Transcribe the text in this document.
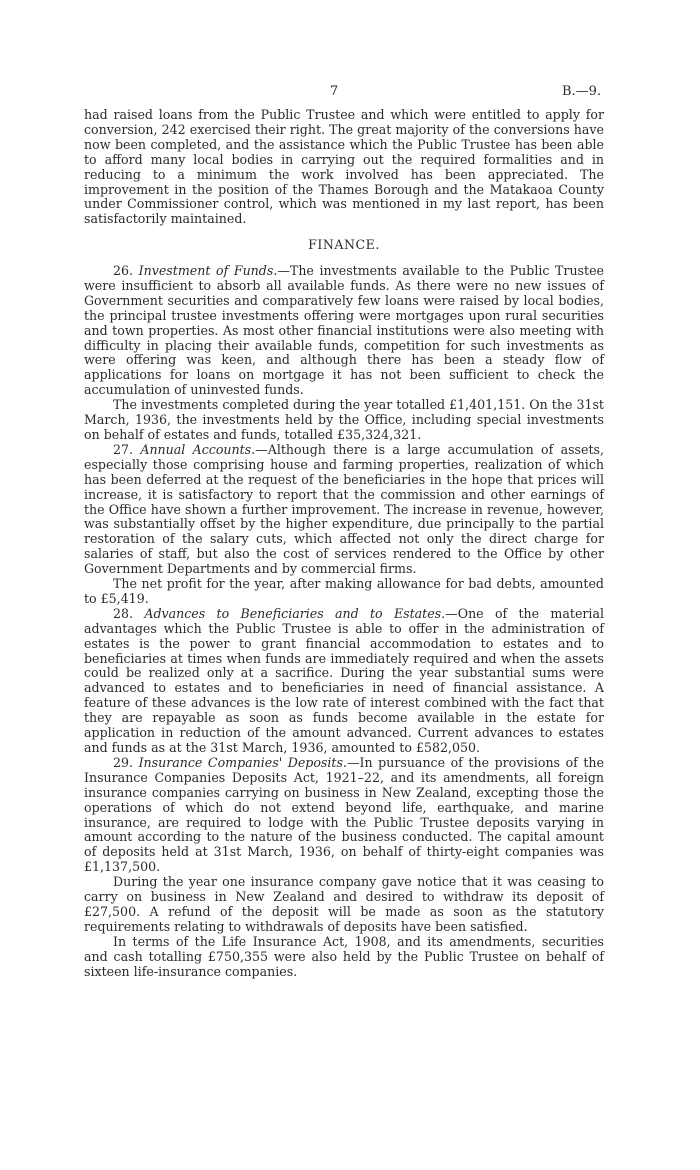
7	B.—9.

had raised loans from the Public Trustee and which were entitled to apply for conversion, 242 exercised their right. The great majority of the conversions have now been completed, and the assistance which the Public Trustee has been able to afford many local bodies in carrying out the required formalities and in reducing to a minimum the work involved has been appreciated. The improvement in the position of the Thames Borough and the Matakaoa County under Commissioner control, which was mentioned in my last report, has been satisfactorily maintained.

FINANCE.

26. Investment of Funds.—The investments available to the Public Trustee were insufficient to absorb all available funds. As there were no new issues of Government securities and comparatively few loans were raised by local bodies, the principal trustee investments offering were mortgages upon rural securities and town properties. As most other financial institutions were also meeting with difficulty in placing their available funds, competition for such investments as were offering was keen, and although there has been a steady flow of applications for loans on mortgage it has not been sufficient to check the accumulation of uninvested funds.

The investments completed during the year totalled £1,401,151. On the 31st March, 1936, the investments held by the Office, including special investments on behalf of estates and funds, totalled £35,324,321.

27. Annual Accounts.—Although there is a large accumulation of assets, especially those comprising house and farming properties, realization of which has been deferred at the request of the beneficiaries in the hope that prices will increase, it is satisfactory to report that the commission and other earnings of the Office have shown a further improvement. The increase in revenue, however, was substantially offset by the higher expenditure, due principally to the partial restoration of the salary cuts, which affected not only the direct charge for salaries of staff, but also the cost of services rendered to the Office by other Government Departments and by commercial firms.

The net profit for the year, after making allowance for bad debts, amounted to £5,419.

28. Advances to Beneficiaries and to Estates.—One of the material advantages which the Public Trustee is able to offer in the administration of estates is the power to grant financial accommodation to estates and to beneficiaries at times when funds are immediately required and when the assets could be realized only at a sacrifice. During the year substantial sums were advanced to estates and to beneficiaries in need of financial assistance. A feature of these advances is the low rate of interest combined with the fact that they are repayable as soon as funds become available in the estate for application in reduction of the amount advanced. Current advances to estates and funds as at the 31st March, 1936, amounted to £582,050.

29. Insurance Companies' Deposits.—In pursuance of the provisions of the Insurance Companies Deposits Act, 1921–22, and its amendments, all foreign insurance companies carrying on business in New Zealand, excepting those the operations of which do not extend beyond life, earthquake, and marine insurance, are required to lodge with the Public Trustee deposits varying in amount according to the nature of the business conducted. The capital amount of deposits held at 31st March, 1936, on behalf of thirty-eight companies was £1,137,500.

During the year one insurance company gave notice that it was ceasing to carry on business in New Zealand and desired to withdraw its deposit of £27,500. A refund of the deposit will be made as soon as the statutory requirements relating to withdrawals of deposits have been satisfied.

In terms of the Life Insurance Act, 1908, and its amendments, securities and cash totalling £750,355 were also held by the Public Trustee on behalf of sixteen life-insurance companies.
